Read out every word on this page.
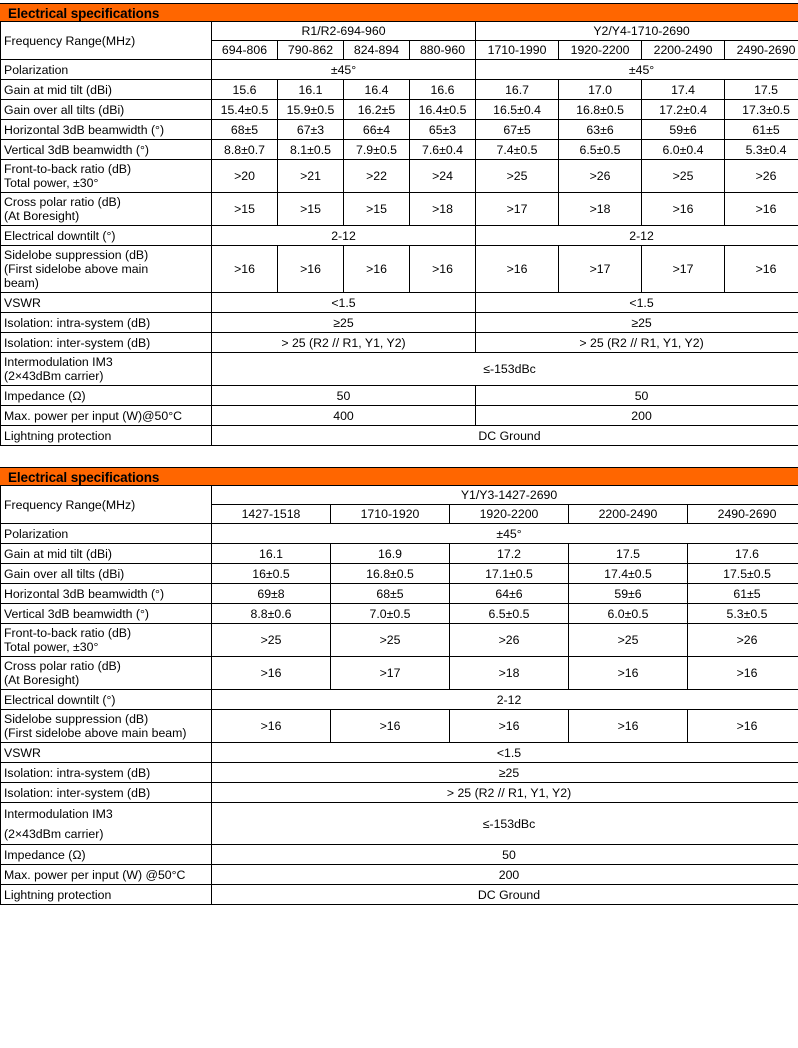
Electrical specifications
Frequency Range(MHz)	R1/R2-694-960				Y2/Y4-1710-2690			
	694-806	790-862	824-894	880-960	1710-1990	1920-2200	2200-2490	2490-2690
Polarization	±45°				±45°			
Gain at mid tilt (dBi)	15.6	16.1	16.4	16.6	16.7	17.0	17.4	17.5
Gain over all tilts (dBi)	15.4±0.5	15.9±0.5	16.2±5	16.4±0.5	16.5±0.4	16.8±0.5	17.2±0.4	17.3±0.5
Horizontal 3dB beamwidth (°)	68±5	67±3	66±4	65±3	67±5	63±6	59±6	61±5
Vertical 3dB beamwidth (°)	8.8±0.7	8.1±0.5	7.9±0.5	7.6±0.4	7.4±0.5	6.5±0.5	6.0±0.4	5.3±0.4

Front-to-back ratio (dB)
Total power, ±30°	>20	>21	>22	>24	>25	>26	>25	>26

Cross polar ratio (dB)
(At Boresight)	>15	>15	>15	>18	>17	>18	>16	>16
Electrical downtilt (°)	2-12				2-12			

Sidelobe suppression (dB)
(First sidelobe above main
beam)	>16	>16	>16	>16	>16	>17	>17	>16
VSWR	<1.5				<1.5			
Isolation: intra-system (dB)	≥25				≥25			
Isolation: inter-system (dB)	> 25 (R2 // R1, Y1, Y2)				> 25 (R2 // R1, Y1, Y2)			

Intermodulation IM3
(2×43dBm carrier)	≤-153dBc							
Impedance (Ω)	50				50			
Max. power per input (W)@50°C	400				200			
Lightning protection	DC Ground							
Electrical specifications
Frequency Range(MHz)	Y1/Y3-1427-2690				
	1427-1518	1710-1920	1920-2200	2200-2490	2490-2690
Polarization	±45°				
Gain at mid tilt (dBi)	16.1	16.9	17.2	17.5	17.6
Gain over all tilts (dBi)	16±0.5	16.8±0.5	17.1±0.5	17.4±0.5	17.5±0.5
Horizontal 3dB beamwidth (°)	69±8	68±5	64±6	59±6	61±5
Vertical 3dB beamwidth (°)	8.8±0.6	7.0±0.5	6.5±0.5	6.0±0.5	5.3±0.5

Front-to-back ratio (dB)
Total power, ±30°	>25	>25	>26	>25	>26

Cross polar ratio (dB)
(At Boresight)	>16	>17	>18	>16	>16
Electrical downtilt (°)	2-12				

Sidelobe suppression (dB)
(First sidelobe above main beam)	>16	>16	>16	>16	>16
VSWR	<1.5				
Isolation: intra-system (dB)	≥25				
Isolation: inter-system (dB)	> 25 (R2 // R1, Y1, Y2)				

Intermodulation IM3
(2×43dBm carrier)	≤-153dBc				
Impedance (Ω)	50				
Max. power per input (W) @50°C	200				
Lightning protection	DC Ground				
